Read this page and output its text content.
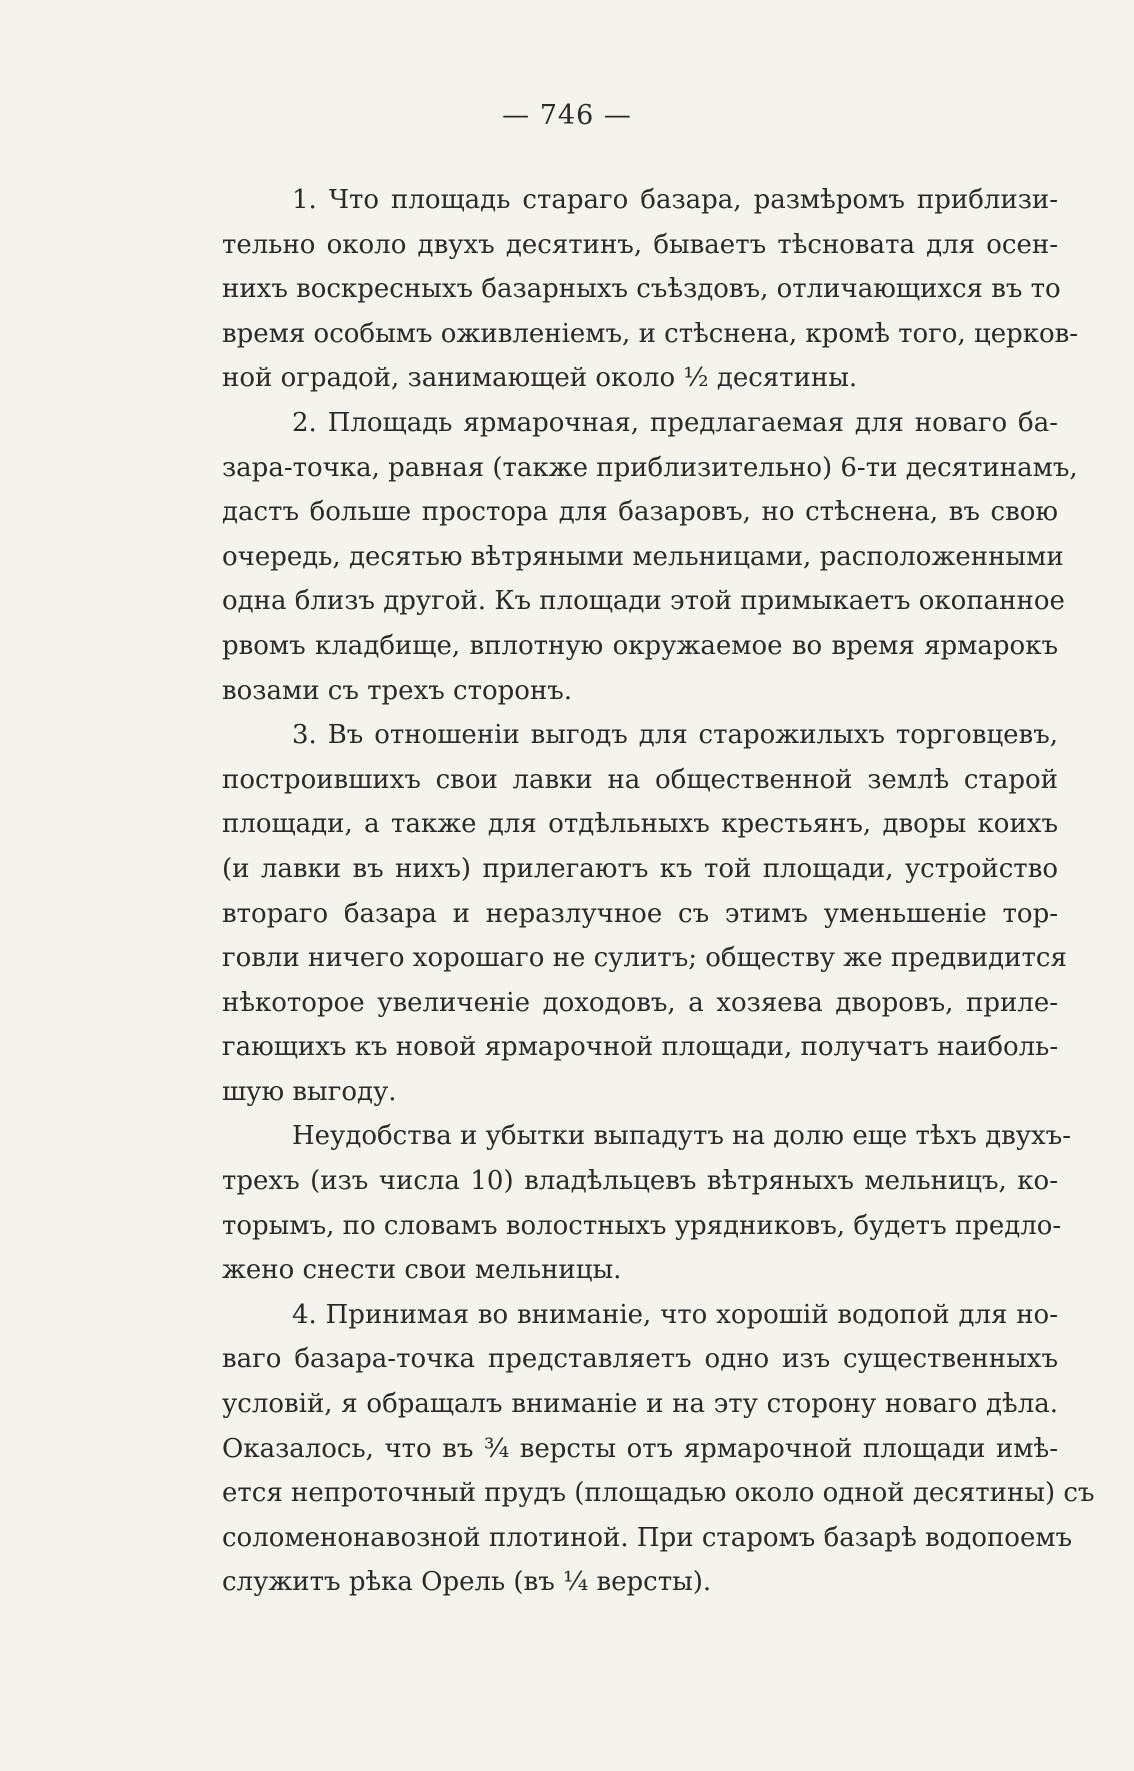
— 746 —
1. Что площадь стараго базара, размѣромъ приблизи-
тельно около двухъ десятинъ, бываетъ тѣсновата для осен-
нихъ воскресныхъ базарныхъ съѣздовъ, отличающихся въ то
время особымъ оживленіемъ, и стѣснена, кромѣ того, церков-
ной оградой, занимающей около ½ десятины.
2. Площадь ярмарочная, предлагаемая для новаго ба-
зара-точка, равная (также приблизительно) 6-ти десятинамъ,
дастъ больше простора для базаровъ, но стѣснена, въ свою
очередь, десятью вѣтряными мельницами, расположенными
одна близъ другой. Къ площади этой примыкаетъ окопанное
рвомъ кладбище, вплотную окружаемое во время ярмарокъ
возами съ трехъ сторонъ.
3. Въ отношеніи выгодъ для старожилыхъ торговцевъ,
построившихъ свои лавки на общественной землѣ старой
площади, а также для отдѣльныхъ крестьянъ, дворы коихъ
(и лавки въ нихъ) прилегаютъ къ той площади, устройство
втораго базара и неразлучное съ этимъ уменьшеніе тор-
говли ничего хорошаго не сулитъ; обществу же предвидится
нѣкоторое увеличеніе доходовъ, а хозяева дворовъ, приле-
гающихъ къ новой ярмарочной площади, получатъ наиболь-
шую выгоду.
Неудобства и убытки выпадутъ на долю еще тѣхъ двухъ-
трехъ (изъ числа 10) владѣльцевъ вѣтряныхъ мельницъ, ко-
торымъ, по словамъ волостныхъ урядниковъ, будетъ предло-
жено снести свои мельницы.
4. Принимая во вниманіе, что хорошій водопой для но-
ваго базара-точка представляетъ одно изъ существенныхъ
условій, я обращалъ вниманіе и на эту сторону новаго дѣла.
Оказалось, что въ ¾ версты отъ ярмарочной площади имѣ-
ется непроточный прудъ (площадью около одной десятины) съ
соломенонавозной плотиной. При старомъ базарѣ водопоемъ
служитъ рѣка Орель (въ ¼ версты).
